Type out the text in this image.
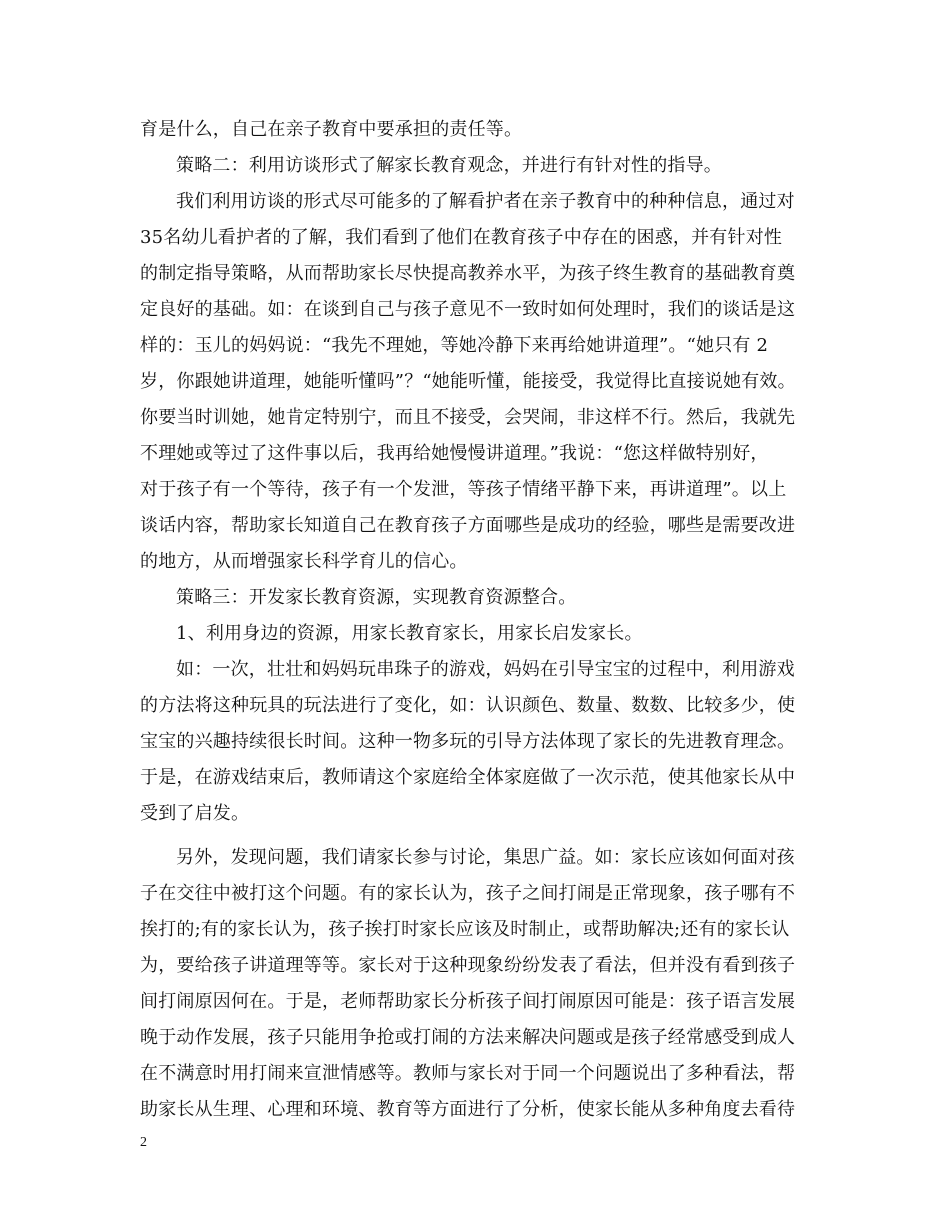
育是什么，自己在亲子教育中要承担的责任等。
策略二：利用访谈形式了解家长教育观念，并进行有针对性的指导。
我们利用访谈的形式尽可能多的了解看护者在亲子教育中的种种信息，通过对
35名幼儿看护者的了解，我们看到了他们在教育孩子中存在的困惑，并有针对性
的制定指导策略，从而帮助家长尽快提高教养水平，为孩子终生教育的基础教育奠
定良好的基础。如：在谈到自己与孩子意见不一致时如何处理时，我们的谈话是这
样的：玉儿的妈妈说：“我先不理她，等她冷静下来再给她讲道理”。“她只有 2
岁，你跟她讲道理，她能听懂吗”？“她能听懂，能接受，我觉得比直接说她有效。
你要当时训她，她肯定特别宁，而且不接受，会哭闹，非这样不行。然后，我就先
不理她或等过了这件事以后，我再给她慢慢讲道理。”我说：“您这样做特别好，
对于孩子有一个等待，孩子有一个发泄，等孩子情绪平静下来，再讲道理”。以上
谈话内容，帮助家长知道自己在教育孩子方面哪些是成功的经验，哪些是需要改进
的地方，从而增强家长科学育儿的信心。
策略三：开发家长教育资源，实现教育资源整合。
1、利用身边的资源，用家长教育家长，用家长启发家长。
如：一次，壮壮和妈妈玩串珠子的游戏，妈妈在引导宝宝的过程中，利用游戏
的方法将这种玩具的玩法进行了变化，如：认识颜色、数量、数数、比较多少，使
宝宝的兴趣持续很长时间。这种一物多玩的引导方法体现了家长的先进教育理念。
于是，在游戏结束后，教师请这个家庭给全体家庭做了一次示范，使其他家长从中
受到了启发。
另外，发现问题，我们请家长参与讨论，集思广益。如：家长应该如何面对孩
子在交往中被打这个问题。有的家长认为，孩子之间打闹是正常现象，孩子哪有不
挨打的;有的家长认为，孩子挨打时家长应该及时制止，或帮助解决;还有的家长认
为，要给孩子讲道理等等。家长对于这种现象纷纷发表了看法，但并没有看到孩子
间打闹原因何在。于是，老师帮助家长分析孩子间打闹原因可能是：孩子语言发展
晚于动作发展，孩子只能用争抢或打闹的方法来解决问题或是孩子经常感受到成人
在不满意时用打闹来宣泄情感等。教师与家长对于同一个问题说出了多种看法，帮
助家长从生理、心理和环境、教育等方面进行了分析，使家长能从多种角度去看待
2
